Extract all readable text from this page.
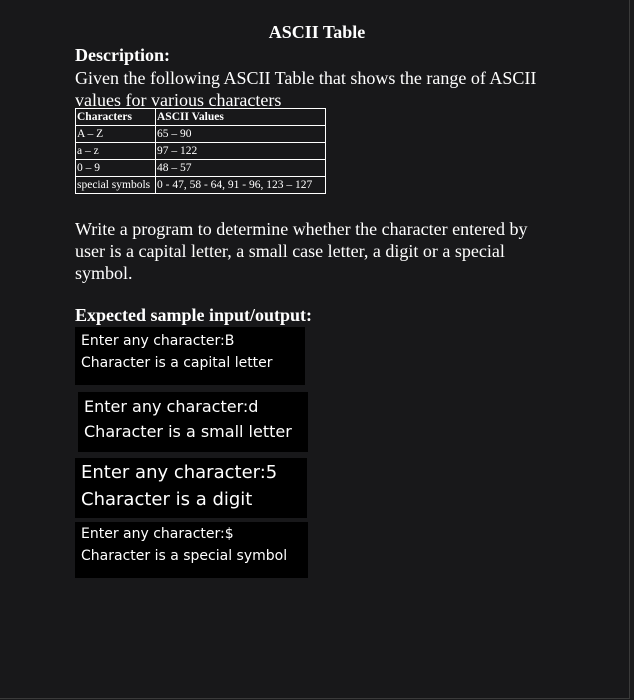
ASCII Table
Description:
Given the following ASCII Table that shows the range of ASCII values for various characters
Characters	ASCII Values
A – Z	65 – 90
a – z	97 – 122
0 – 9	48 – 57
special symbols	0 - 47, 58 - 64, 91 - 96, 123 – 127
Write a program to determine whether the character entered by user is a capital letter, a small case letter, a digit or a special symbol.
Expected sample input/output:
Enter any character:B
Character is a capital letter
Enter any character:d
Character is a small letter
Enter any character:5
Character is a digit
Enter any character:$
Character is a special symbol
